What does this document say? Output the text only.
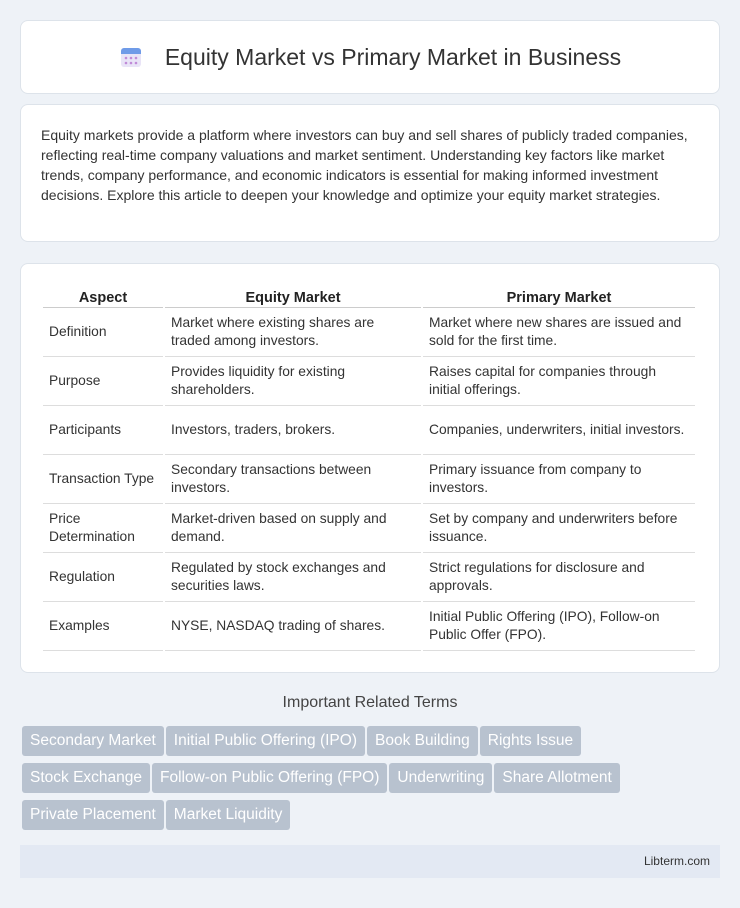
Equity Market vs Primary Market in Business

Equity markets provide a platform where investors can buy and sell shares of publicly traded companies, reflecting real-time company valuations and market sentiment. Understanding key factors like market trends, company performance, and economic indicators is essential for making informed investment decisions. Explore this article to deepen your knowledge and optimize your equity market strategies.

Aspect	Equity Market	Primary Market
Definition	Market where existing shares are traded among investors.	Market where new shares are issued and sold for the first time.
Purpose	Provides liquidity for existing shareholders.	Raises capital for companies through initial offerings.
Participants	Investors, traders, brokers.	Companies, underwriters, initial investors.
Transaction Type	Secondary transactions between investors.	Primary issuance from company to investors.
Price Determination	Market-driven based on supply and demand.	Set by company and underwriters before issuance.
Regulation	Regulated by stock exchanges and securities laws.	Strict regulations for disclosure and approvals.
Examples	NYSE, NASDAQ trading of shares.	Initial Public Offering (IPO), Follow-on Public Offer (FPO).
Important Related Terms
Secondary Market Initial Public Offering (IPO) Book Building Rights Issue
Stock Exchange Follow-on Public Offering (FPO) Underwriting Share Allotment
Private Placement Market Liquidity
Libterm.com
